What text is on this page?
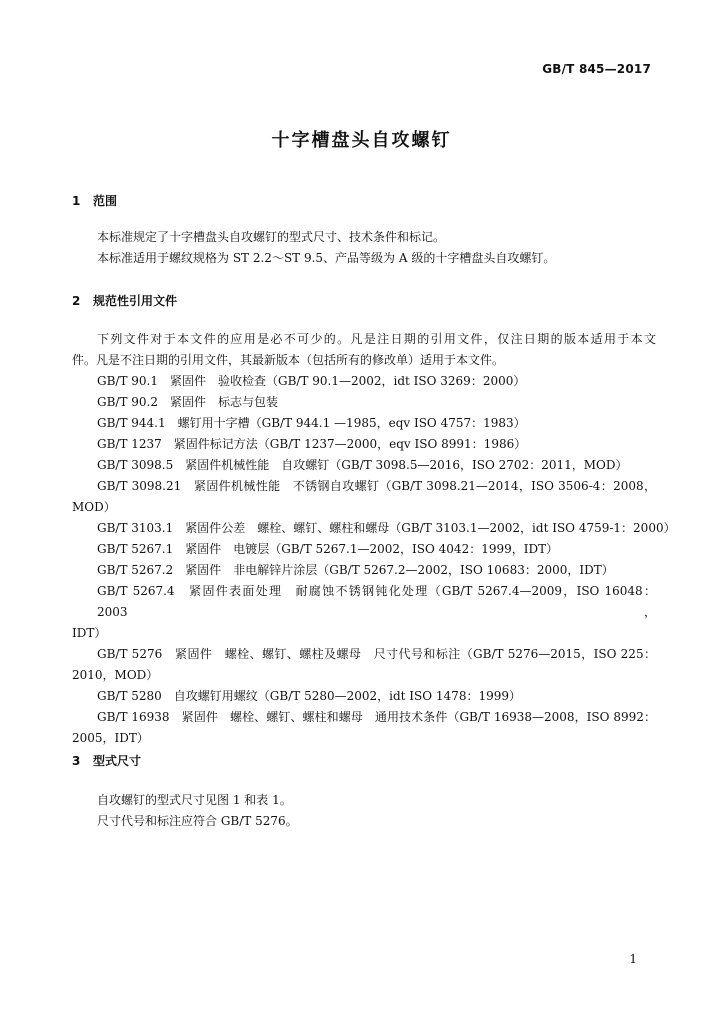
GB/T 845—2017
十字槽盘头自攻螺钉
1 范围
本标准规定了十字槽盘头自攻螺钉的型式尺寸、技术条件和标记。
本标准适用于螺纹规格为 ST 2.2～ST 9.5、产品等级为 A 级的十字槽盘头自攻螺钉。
2 规范性引用文件
下列文件对于本文件的应用是必不可少的。凡是注日期的引用文件，仅注日期的版本适用于本文
件。凡是不注日期的引用文件，其最新版本（包括所有的修改单）适用于本文件。
GB/T 90.1　紧固件　验收检查（GB/T 90.1—2002，idt ISO 3269：2000）
GB/T 90.2　紧固件　标志与包装
GB/T 944.1　螺钉用十字槽（GB/T 944.1 —1985，eqv ISO 4757：1983）
GB/T 1237　紧固件标记方法（GB/T 1237—2000，eqv ISO 8991：1986）
GB/T 3098.5　紧固件机械性能　自攻螺钉（GB/T 3098.5—2016，ISO 2702：2011，MOD）
GB/T 3098.21　紧固件机械性能　不锈钢自攻螺钉（GB/T 3098.21—2014，ISO 3506-4：2008，
MOD）
GB/T 3103.1　紧固件公差　螺栓、螺钉、螺柱和螺母（GB/T 3103.1—2002，idt ISO 4759-1：2000）
GB/T 5267.1　紧固件　电镀层（GB/T 5267.1—2002，ISO 4042：1999，IDT）
GB/T 5267.2　紧固件　非电解锌片涂层（GB/T 5267.2—2002，ISO 10683：2000，IDT）
GB/T 5267.4　紧固件表面处理　耐腐蚀不锈钢钝化处理（GB/T 5267.4—2009，ISO 16048：2003，
IDT）
GB/T 5276　紧固件　螺栓、螺钉、螺柱及螺母　尺寸代号和标注（GB/T 5276—2015，ISO 225：
2010，MOD）
GB/T 5280　自攻螺钉用螺纹（GB/T 5280—2002，idt ISO 1478：1999）
GB/T 16938　紧固件　螺栓、螺钉、螺柱和螺母　通用技术条件（GB/T 16938—2008，ISO 8992：
2005，IDT）
3 型式尺寸
自攻螺钉的型式尺寸见图 1 和表 1。
尺寸代号和标注应符合 GB/T 5276。
1
